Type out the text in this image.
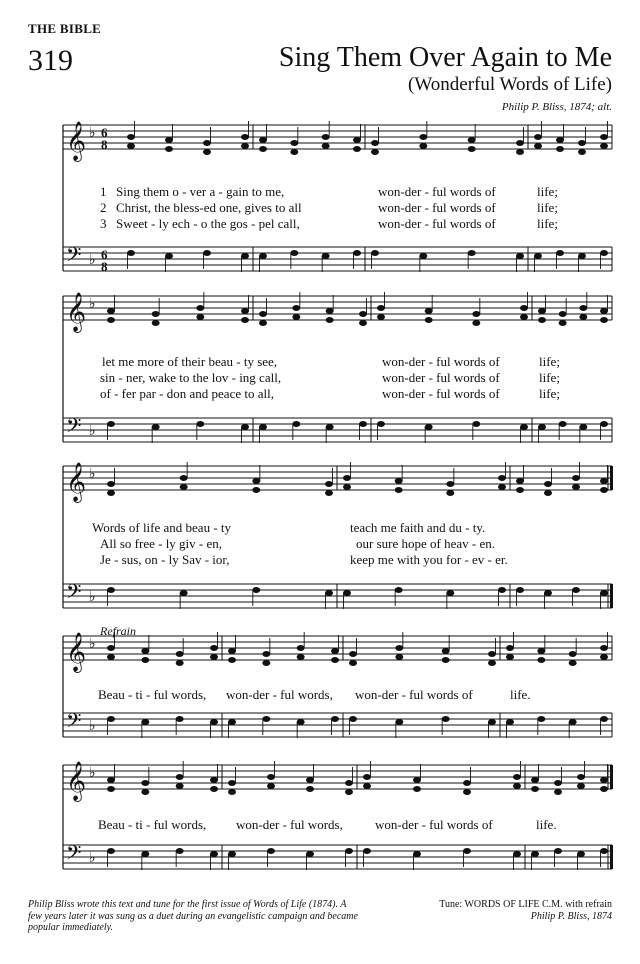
THE BIBLE
319	Sing Them Over Again to Me
(Wonderful Words of Life)
Philip P. Bliss, 1874; alt.
𝄞 ♭ 6
8
𝄢 ♭ 6
8
𝄞 ♭
𝄢 ♭
𝄞 ♭
𝄢 ♭
𝄞 ♭
𝄢 ♭
𝄞 ♭
𝄢 ♭
1 Sing them o - ver a - gain to me,	won-der - ful words of	life;
2 Christ, the bless-ed one, gives to all	won-der - ful words of	life;
3 Sweet - ly ech - o the gos - pel call,	won-der - ful words of	life;
let me more of their beau - ty see,	won-der - ful words of	life;
sin - ner, wake to the lov - ing call,	won-der - ful words of	life;
of - fer par - don and peace to all,	won-der - ful words of	life;
Words of life and beau - ty	teach me faith and du - ty.
All so free - ly giv - en,	our sure hope of heav - en.
Je - sus, on - ly Sav - ior,	keep me with you for - ev - er.
Refrain
Beau - ti - ful words, won-der - ful words, won-der - ful words of	life.
Beau - ti - ful words, won-der - ful words, won-der - ful words of	life.
Philip Bliss wrote this text and tune for the first issue of Words of Life (1874). A few years later it was sung as a duet during an evangelistic campaign and became popular immediately.
Tune: WORDS OF LIFE C.M. with refrain
Philip P. Bliss, 1874
